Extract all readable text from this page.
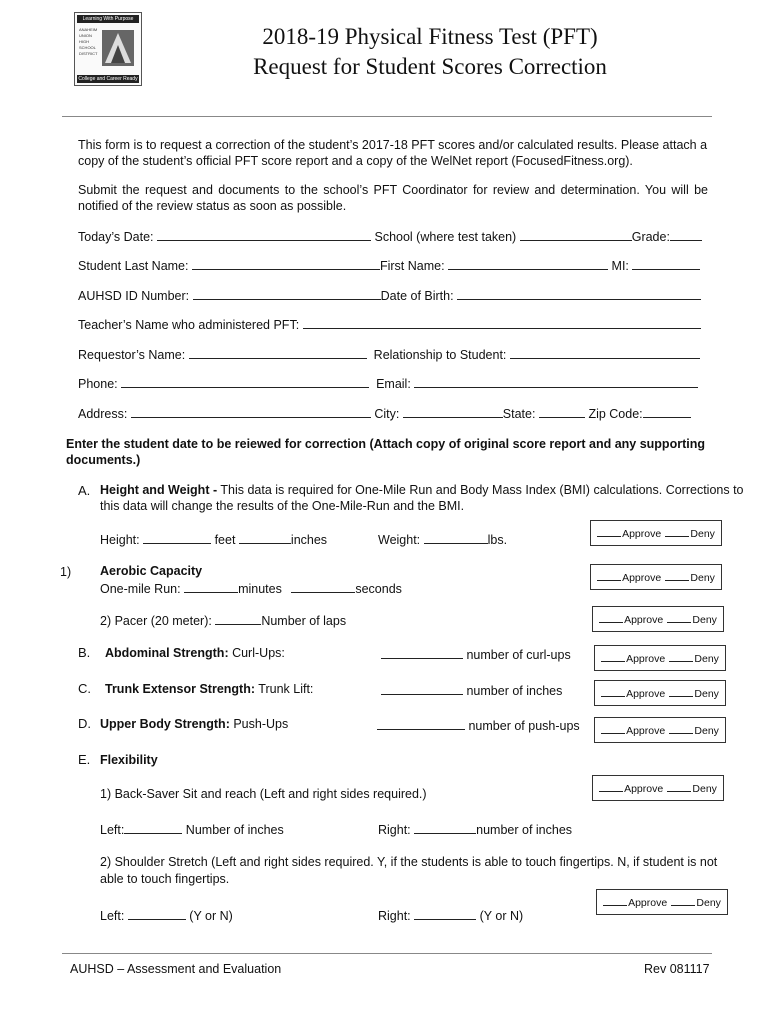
Learning With Purpose
ANAHEIM
UNION
HIGH
SCHOOL
DISTRICT
College and Career Ready
2018-19 Physical Fitness Test (PFT)
Request for Student Scores Correction
This form is to request a correction of the student’s 2017-18 PFT scores and/or calculated results. Please attach a copy of the student’s official PFT score report and a copy of the WelNet report (FocusedFitness.org).
Submit the request and documents to the school’s PFT Coordinator for review and determination. You will be notified of the review status as soon as possible.
Today’s Date:	School (where test taken)	Grade:
Student Last Name:	First Name:	MI:
AUHSD ID Number:	Date of Birth:
Teacher’s Name who administered PFT:
Requestor’s Name:	Relationship to Student:
Phone:	Email:
Address:	City:	State:	Zip Code:
Enter the student date to be reiewed for correction (Attach copy of original score report and any supporting documents.)
A. Height and Weight - This data is required for One-Mile Run and Body Mass Index (BMI) calculations. Corrections to
this data will change the results of the One-Mile-Run and the BMI.
Height:	feet	inches	Weight:	lbs.	Approve	Deny
1) Aerobic Capacity
One-mile Run:	minutes	seconds
Approve	Deny
2) Pacer (20 meter):	Number of laps	Approve	Deny
B. Abdominal Strength: Curl-Ups:	number of curl-ups	Approve	Deny
C. Trunk Extensor Strength: Trunk Lift:	number of inches	Approve	Deny
D. Upper Body Strength: Push-Ups	number of push-ups	Approve	Deny
E. Flexibility
1) Back-Saver Sit and reach (Left and right sides required.)	Approve	Deny
Left:	Number of inches	Right:	number of inches
2) Shoulder Stretch (Left and right sides required. Y, if the students is able to touch fingertips. N, if student is not
able to touch fingertips.
Approve	Deny
Left:	(Y or N)	Right:	(Y or N)
AUHSD – Assessment and Evaluation	Rev 081117
